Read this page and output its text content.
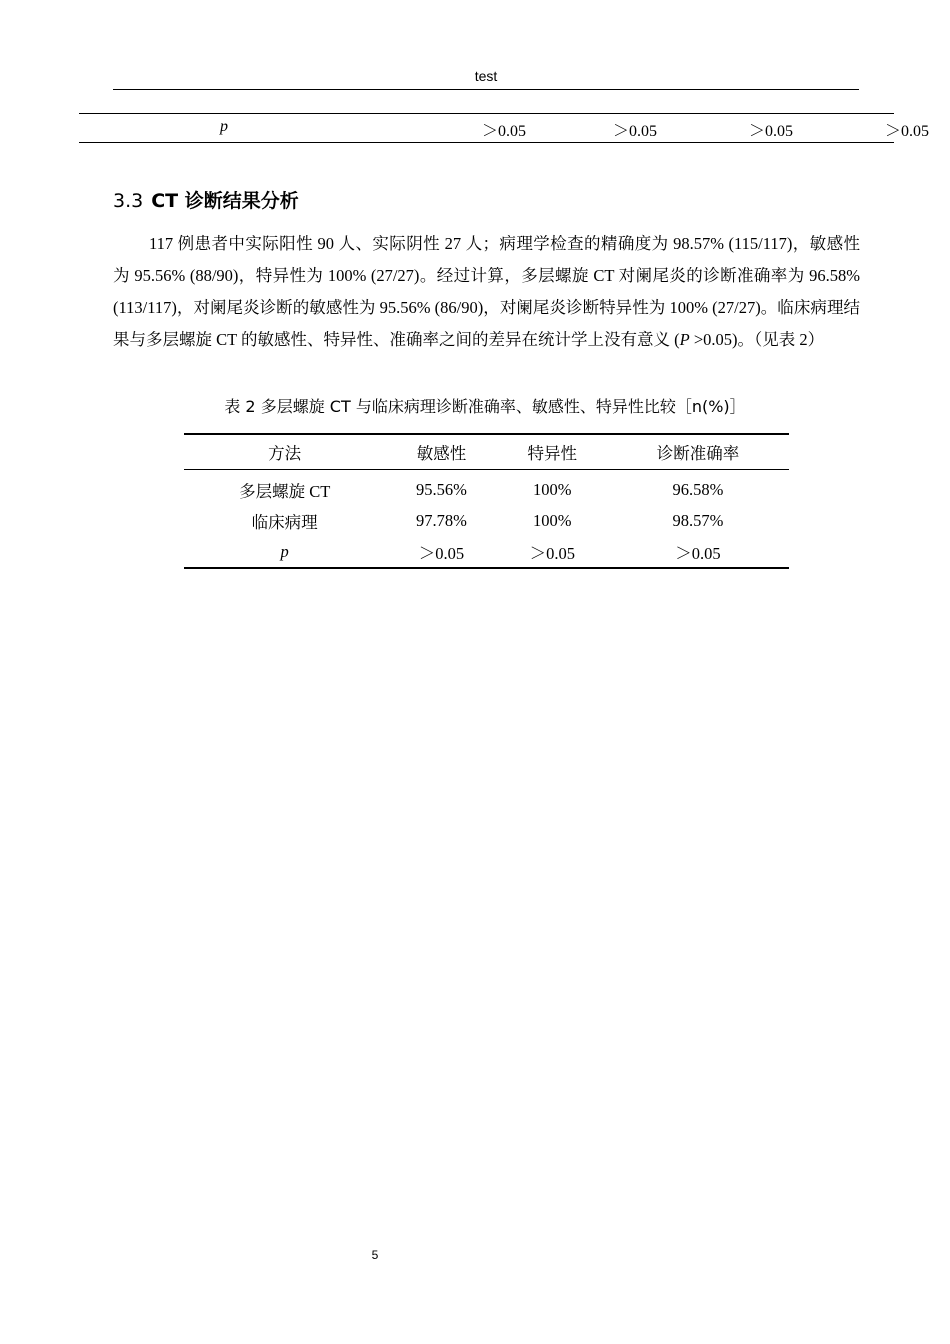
test
p	＞0.05	＞0.05	＞0.05	＞0.05
3.3 CT 诊断结果分析

117 例患者中实际阳性 90 人、实际阴性 27 人；病理学检查的精确度为 98.57% (115/117)，敏感性为 95.56% (88/90)，特异性为 100% (27/27)。经过计算，多层螺旋 CT 对阑尾炎的诊断准确率为 96.58% (113/117)，对阑尾炎诊断的敏感性为 95.56% (86/90)，对阑尾炎诊断特异性为 100% (27/27)。临床病理结果与多层螺旋 CT 的敏感性、特异性、准确率之间的差异在统计学上没有意义 (P >0.05)。（见表 2）

表 2 多层螺旋 CT 与临床病理诊断准确率、敏感性、特异性比较［n(%)］
方法	敏感性	特异性	诊断准确率
多层螺旋 CT	95.56%	100%	96.58%
临床病理	97.78%	100%	98.57%
p	＞0.05	＞0.05	＞0.05
5
